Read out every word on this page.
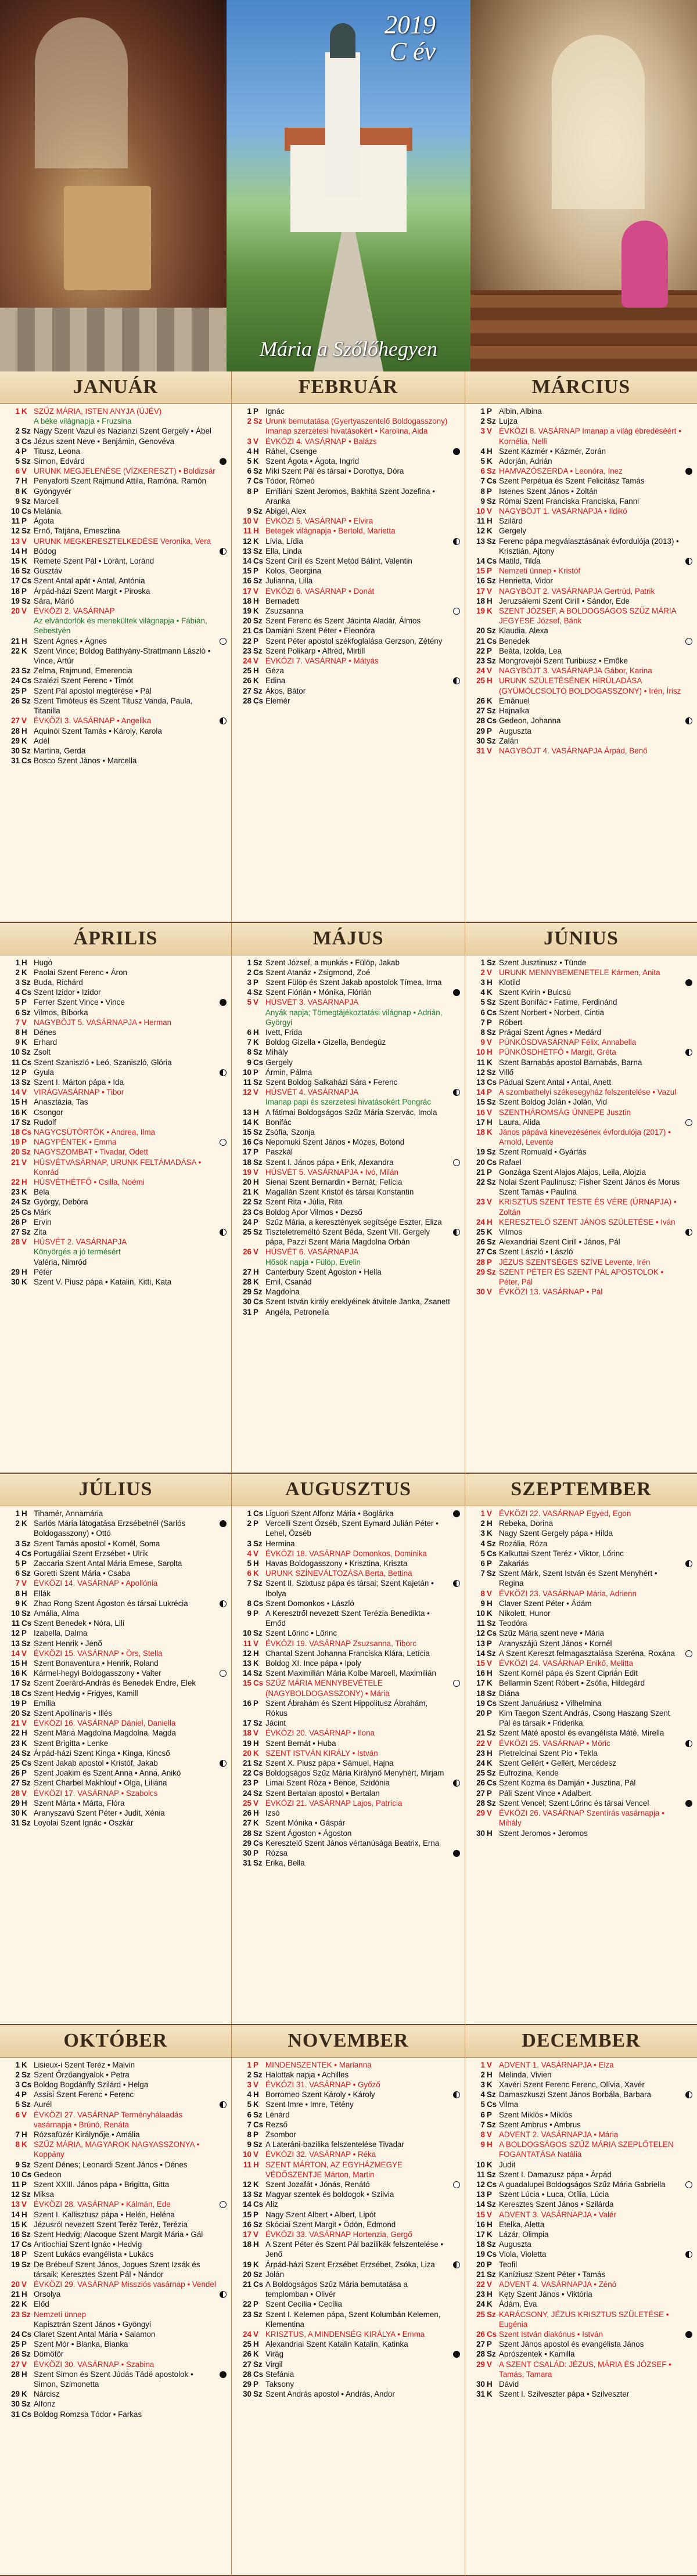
2019
C év
Mária a Szőlőhegyen
JANUÁR
1 K SZŰZ MÁRIA, ISTEN ANYJA (ÚJÉV)
A béke világnapja • Fruzsina
2 Sz Nagy Szent Vazul és Nazianzi Szent Gergely • Ábel
3 Cs Jézus szent Neve • Benjámin, Genovéva
4 P Titusz, Leona
5 Sz Simon, Edvárd
6 V URUNK MEGJELENÉSE (VÍZKERESZT) • Boldizsár
7 H Penyaforti Szent Rajmund Attila, Ramóna, Ramón
8 K Gyöngyvér
9 Sz Marcell
10 Cs Melánia
11 P Ágota
12 Sz Ernő, Tatjána, Emesztina
13 V URUNK MEGKERESZTELKEDÉSE Veronika, Vera
14 H Bódog
15 K Remete Szent Pál • Lóránt, Loránd
16 Sz Gusztáv
17 Cs Szent Antal apát • Antal, Antónia
18 P Árpád-házi Szent Margit • Piroska
19 Sz Sára, Márió
20 V ÉVKÖZI 2. VASÁRNAP
Az elvándorlók és menekültek világnapja • Fábián, Sebestyén
21 H Szent Ágnes • Ágnes
22 K Szent Vince; Boldog Batthyány-Strattmann László • Vince, Artúr
23 Sz Zelma, Rajmund, Emerencia
24 Cs Szalézi Szent Ferenc • Timót
25 P Szent Pál apostol megtérése • Pál
26 Sz Szent Timóteus és Szent Titusz Vanda, Paula, Titanilla
27 V ÉVKÖZI 3. VASÁRNAP • Angelika
28 H Aquinói Szent Tamás • Károly, Karola
29 K Adél
30 Sz Martina, Gerda
31 Cs Bosco Szent János • Marcella
FEBRUÁR
1 P Ignác
2 Sz Urunk bemutatása (Gyertyaszentelő Boldogasszony) Imanap szerzetesi hivatásokért • Karolina, Aida
3 V ÉVKÖZI 4. VASÁRNAP • Balázs
4 H Ráhel, Csenge
5 K Szent Ágota • Ágota, Ingrid
6 Sz Miki Szent Pál és társai • Dorottya, Dóra
7 Cs Tódor, Rómeó
8 P Emiliáni Szent Jeromos, Bakhita Szent Jozefina • Aranka
9 Sz Abigél, Alex
10 V ÉVKÖZI 5. VASÁRNAP • Elvira
11 H Betegek világnapja • Bertold, Marietta
12 K Lívia, Lídia
13 Sz Ella, Linda
14 Cs Szent Cirill és Szent Metód Bálint, Valentin
15 P Kolos, Georgina
16 Sz Julianna, Lilla
17 V ÉVKÖZI 6. VASÁRNAP • Donát
18 H Bernadett
19 K Zsuzsanna
20 Sz Szent Ferenc és Szent Jácinta Aladár, Álmos
21 Cs Damiáni Szent Péter • Eleonóra
22 P Szent Péter apostol székfoglalása Gerzson, Zétény
23 Sz Szent Polikárp • Alfréd, Mirtill
24 V ÉVKÖZI 7. VASÁRNAP • Mátyás
25 H Géza
26 K Edina
27 Sz Ákos, Bátor
28 Cs Elemér
MÁRCIUS
1 P Albin, Albina
2 Sz Lujza
3 V ÉVKÖZI 8. VASÁRNAP Imanap a világ ébredéséért • Kornélia, Nelli
4 H Szent Kázmér • Kázmér, Zorán
5 K Adorján, Adrián
6 Sz HAMVAZÓSZERDA • Leonóra, Inez
7 Cs Szent Perpétua és Szent Felicitász Tamás
8 P Istenes Szent János • Zoltán
9 Sz Római Szent Franciska Franciska, Fanni
10 V NAGYBÖJT 1. VASÁRNAPJA • Ildikó
11 H Szilárd
12 K Gergely
13 Sz Ferenc pápa megválasztásának évfordulója (2013) • Krisztián, Ajtony
14 Cs Matild, Tilda
15 P Nemzeti ünnep • Kristóf
16 Sz Henrietta, Vidor
17 V NAGYBÖJT 2. VASÁRNAPJA Gertrúd, Patrik
18 H Jeruzsálemi Szent Cirill • Sándor, Ede
19 K SZENT JÓZSEF, A BOLDOGSÁGOS SZŰZ MÁRIA JEGYESE József, Bánk
20 Sz Klaudia, Alexa
21 Cs Benedek
22 P Beáta, Izolda, Lea
23 Sz Mongrovejói Szent Turibiusz • Emőke
24 V NAGYBÖJT 3. VASÁRNAPJA Gábor, Karina
25 H URUNK SZÜLETÉSÉNEK HÍRÜLADÁSA (GYÜMÖLCSOLTÓ BOLDOGASSZONY) • Irén, Írisz
26 K Emánuel
27 Sz Hajnalka
28 Cs Gedeon, Johanna
29 P Auguszta
30 Sz Zalán
31 V NAGYBÖJT 4. VASÁRNAPJA Árpád, Benő
ÁPRILIS
1 H Hugó
2 K Paolai Szent Ferenc • Áron
3 Sz Buda, Richárd
4 Cs Szent Izidor • Izidor
5 P Ferrer Szent Vince • Vince
6 Sz Vilmos, Bíborka
7 V NAGYBÖJT 5. VASÁRNAPJA • Herman
8 H Dénes
9 K Erhard
10 Sz Zsolt
11 Cs Szent Szaniszló • Leó, Szaniszló, Glória
12 P Gyula
13 Sz Szent I. Márton pápa • Ida
14 V VIRÁGVASÁRNAP • Tibor
15 H Anasztázia, Tas
16 K Csongor
17 Sz Rudolf
18 Cs NAGYCSÜTÖRTÖK • Andrea, Ilma
19 P NAGYPÉNTEK • Emma
20 Sz NAGYSZOMBAT • Tivadar, Odett
21 V HÚSVÉTVASÁRNAP, URUNK FELTÁMADÁSA • Konrád
22 H HÚSVÉTHÉTFŐ • Csilla, Noémi
23 K Béla
24 Sz György, Debóra
25 Cs Márk
26 P Ervin
27 Sz Zita
28 V HÚSVÉT 2. VASÁRNAPJA
Könyörgés a jó termésért
Valéria, Nimród
29 H Péter
30 K Szent V. Piusz pápa • Katalin, Kitti, Kata
MÁJUS
1 Sz Szent József, a munkás • Fülöp, Jakab
2 Cs Szent Atanáz • Zsigmond, Zoé
3 P Szent Fülöp és Szent Jakab apostolok Tímea, Irma
4 Sz Szent Flórián • Mónika, Flórián
5 V HÚSVÉT 3. VASÁRNAPJA
Anyák napja; Tömegtájékoztatási világnap • Adrián, Györgyi
6 H Ivett, Frida
7 K Boldog Gizella • Gizella, Bendegúz
8 Sz Mihály
9 Cs Gergely
10 P Ármin, Pálma
11 Sz Szent Boldog Salkaházi Sára • Ferenc
12 V HÚSVÉT 4. VASÁRNAPJA
Imanap papi és szerzetesi hivatásokért Pongrác
13 H A fátimai Boldogságos Szűz Mária Szervác, Imola
14 K Bonifác
15 Sz Zsófia, Szonja
16 Cs Nepomuki Szent János • Mózes, Botond
17 P Paszkál
18 Sz Szent I. János pápa • Erik, Alexandra
19 V HÚSVÉT 5. VASÁRNAPJA • Ivó, Milán
20 H Sienai Szent Bernardin • Bernát, Felícia
21 K Magallán Szent Kristóf és társai Konstantin
22 Sz Szent Rita • Júlia, Rita
23 Cs Boldog Apor Vilmos • Dezső
24 P Szűz Mária, a keresztények segítsége Eszter, Eliza
25 Sz Tiszteletreméltó Szent Béda, Szent VII. Gergely pápa, Pazzi Szent Mária Magdolna Orbán
26 V HÚSVÉT 6. VASÁRNAPJA
Hősök napja • Fülöp, Evelin
27 H Canterbury Szent Ágoston • Hella
28 K Emil, Csanád
29 Sz Magdolna
30 Cs Szent István király ereklyéinek átvitele Janka, Zsanett
31 P Angéla, Petronella
JÚNIUS
1 Sz Szent Jusztinusz • Tünde
2 V URUNK MENNYBEMENETELE Kármen, Anita
3 H Klotild
4 K Szent Kvirin • Bulcsú
5 Sz Szent Bonifác • Fatime, Ferdinánd
6 Cs Szent Norbert • Norbert, Cintia
7 P Róbert
8 Sz Prágai Szent Ágnes • Medárd
9 V PÜNKÖSDVASÁRNAP Félix, Annabella
10 H PÜNKÖSDHÉTFŐ • Margit, Gréta
11 K Szent Barnabás apostol Barnabás, Barna
12 Sz Villő
13 Cs Páduai Szent Antal • Antal, Anett
14 P A szombathelyi székesegyház felszentelése • Vazul
15 Sz Szent Boldog Jolán • Jolán, Vid
16 V SZENTHÁROMSÁG ÜNNEPE Jusztin
17 H Laura, Alida
18 K János pápává kinevezésének évfordulója (2017) • Arnold, Levente
19 Sz Szent Romuald • Gyárfás
20 Cs Rafael
21 P Gonzága Szent Alajos Alajos, Leila, Alojzia
22 Sz Nolai Szent Paulinusz; Fisher Szent János és Morus Szent Tamás • Paulina
23 V KRISZTUS SZENT TESTE ÉS VÉRE (ÚRNAPJA) • Zoltán
24 H KERESZTELŐ SZENT JÁNOS SZÜLETÉSE • Iván
25 K Vilmos
26 Sz Alexandriai Szent Cirill • János, Pál
27 Cs Szent László • László
28 P JÉZUS SZENTSÉGES SZÍVE Levente, Irén
29 Sz SZENT PÉTER ÉS SZENT PÁL APOSTOLOK • Péter, Pál
30 V ÉVKÖZI 13. VASÁRNAP • Pál
JÚLIUS
1 H Tihamér, Annamária
2 K Sarlós Mária látogatása Erzsébetnél (Sarlós Boldogasszony) • Ottó
3 Sz Szent Tamás apostol • Kornél, Soma
4 Cs Portugáliai Szent Erzsébet • Ulrik
5 P Zaccaria Szent Antal Mária Emese, Sarolta
6 Sz Goretti Szent Mária • Csaba
7 V ÉVKÖZI 14. VASÁRNAP • Apollónia
8 H Ellák
9 K Zhao Rong Szent Ágoston és társai Lukrécia
10 Sz Amália, Alma
11 Cs Szent Benedek • Nóra, Lili
12 P Izabella, Dalma
13 Sz Szent Henrik • Jenő
14 V ÉVKÖZI 15. VASÁRNAP • Örs, Stella
15 H Szent Bonaventura • Henrik, Roland
16 K Kármel-hegyi Boldogasszony • Valter
17 Sz Szent Zoerárd-András és Benedek Endre, Elek
18 Cs Szent Hedvig • Frigyes, Kamill
19 P Emília
20 Sz Szent Apollinaris • Illés
21 V ÉVKÖZI 16. VASÁRNAP Dániel, Daniella
22 H Szent Mária Magdolna Magdolna, Magda
23 K Szent Brigitta • Lenke
24 Sz Árpád-házi Szent Kinga • Kinga, Kincső
25 Cs Szent Jakab apostol • Kristóf, Jakab
26 P Szent Joakim és Szent Anna • Anna, Anikó
27 Sz Szent Charbel Makhlouf • Olga, Liliána
28 V ÉVKÖZI 17. VASÁRNAP • Szabolcs
29 H Szent Márta • Márta, Flóra
30 K Aranyszavú Szent Péter • Judit, Xénia
31 Sz Loyolai Szent Ignác • Oszkár
AUGUSZTUS
1 Cs Liguori Szent Alfonz Mária • Boglárka
2 P Vercelli Szent Özséb, Szent Eymard Julián Péter • Lehel, Özséb
3 Sz Hermina
4 V ÉVKÖZI 18. VASÁRNAP Domonkos, Dominika
5 H Havas Boldogasszony • Krisztina, Kriszta
6 K URUNK SZÍNEVÁLTOZÁSA Berta, Bettina
7 Sz Szent II. Szixtusz pápa és társai; Szent Kajetán • Ibolya
8 Cs Szent Domonkos • László
9 P A Keresztről nevezett Szent Terézia Benedikta • Emőd
10 Sz Szent Lőrinc • Lőrinc
11 V ÉVKÖZI 19. VASÁRNAP Zsuzsanna, Tiborc
12 H Chantal Szent Johanna Franciska Klára, Letícia
13 K Boldog XI. Ince pápa • Ipoly
14 Sz Szent Maximilián Mária Kolbe Marcell, Maximilián
15 Cs SZŰZ MÁRIA MENNYBEVÉTELE (NAGYBOLDOGASSZONY) • Mária
16 P Szent Ábrahám és Szent Hippolitusz Ábrahám, Rókus
17 Sz Jácint
18 V ÉVKÖZI 20. VASÁRNAP • Ilona
19 H Szent Bernát • Huba
20 K SZENT ISTVÁN KIRÁLY • István
21 Sz Szent X. Piusz pápa • Sámuel, Hajna
22 Cs Boldogságos Szűz Mária Királynő Menyhért, Mirjam
23 P Limai Szent Róza • Bence, Szidónia
24 Sz Szent Bertalan apostol • Bertalan
25 V ÉVKÖZI 21. VASÁRNAP Lajos, Patrícia
26 H Izsó
27 K Szent Mónika • Gáspár
28 Sz Szent Ágoston • Ágoston
29 Cs Keresztelő Szent János vértanúsága Beatrix, Erna
30 P Rózsa
31 Sz Erika, Bella
SZEPTEMBER
1 V ÉVKÖZI 22. VASÁRNAP Egyed, Egon
2 H Rebeka, Dorina
3 K Nagy Szent Gergely pápa • Hilda
4 Sz Rozália, Róza
5 Cs Kalkuttai Szent Teréz • Viktor, Lőrinc
6 P Zakariás
7 Sz Szent Márk, Szent István és Szent Menyhért • Regina
8 V ÉVKÖZI 23. VASÁRNAP Mária, Adrienn
9 H Claver Szent Péter • Ádám
10 K Nikolett, Hunor
11 Sz Teodóra
12 Cs Szűz Mária szent neve • Mária
13 P Aranyszájú Szent János • Kornél
14 Sz A Szent Kereszt felmagasztalása Szeréna, Roxána
15 V ÉVKÖZI 24. VASÁRNAP Enikő, Melitta
16 H Szent Kornél pápa és Szent Ciprián Edit
17 K Bellarmin Szent Róbert • Zsófia, Hildegárd
18 Sz Diána
19 Cs Szent Januáriusz • Vilhelmina
20 P Kim Taegon Szent András, Csong Haszang Szent Pál és társaik • Friderika
21 Sz Szent Máté apostol és evangélista Máté, Mirella
22 V ÉVKÖZI 25. VASÁRNAP • Móric
23 H Pietrelcinai Szent Pio • Tekla
24 K Szent Gellért • Gellért, Mercédesz
25 Sz Eufrozina, Kende
26 Cs Szent Kozma és Damján • Jusztina, Pál
27 P Páli Szent Vince • Adalbert
28 Sz Szent Vencel; Szent Lőrinc és társai Vencel
29 V ÉVKÖZI 26. VASÁRNAP Szentírás vasárnapja • Mihály
30 H Szent Jeromos • Jeromos
OKTÓBER
1 K Lisieux-i Szent Teréz • Malvin
2 Sz Szent Őrzőangyalok • Petra
3 Cs Boldog Bogdánffy Szilárd • Helga
4 P Assisi Szent Ferenc • Ferenc
5 Sz Aurél
6 V ÉVKÖZI 27. VASÁRNAP Terményhálaadás vasárnapja • Brúnó, Renáta
7 H Rózsafüzér Királynője • Amália
8 K SZŰZ MÁRIA, MAGYAROK NAGYASSZONYA • Koppány
9 Sz Szent Dénes; Leonardi Szent János • Dénes
10 Cs Gedeon
11 P Szent XXIII. János pápa • Brigitta, Gitta
12 Sz Miksa
13 V ÉVKÖZI 28. VASÁRNAP • Kálmán, Ede
14 H Szent I. Kallisztusz pápa • Helén, Heléna
15 K Jézusról nevezett Szent Teréz Teréz, Terézia
16 Sz Szent Hedvig; Alacoque Szent Margit Mária • Gál
17 Cs Antiochiai Szent Ignác • Hedvig
18 P Szent Lukács evangélista • Lukács
19 Sz De Brébeuf Szent János, Jogues Szent Izsák és társaik; Keresztes Szent Pál • Nándor
20 V ÉVKÖZI 29. VASÁRNAP Missziós vasárnap • Vendel
21 H Orsolya
22 K Előd
23 Sz Nemzeti ünnep
Kapisztrán Szent János • Gyöngyi
24 Cs Claret Szent Antal Mária • Salamon
25 P Szent Mór • Blanka, Bianka
26 Sz Dömötör
27 V ÉVKÖZI 30. VASÁRNAP • Szabina
28 H Szent Simon és Szent Júdás Tádé apostolok • Simon, Szimonetta
29 K Nárcisz
30 Sz Alfonz
31 Cs Boldog Romzsa Tódor • Farkas
NOVEMBER
1 P MINDENSZENTEK • Marianna
2 Sz Halottak napja • Achilles
3 V ÉVKÖZI 31. VASÁRNAP • Győző
4 H Borromeo Szent Károly • Károly
5 K Szent Imre • Imre, Tétény
6 Sz Lénárd
7 Cs Rezső
8 P Zsombor
9 Sz A Lateráni-bazilika felszentelése Tivadar
10 V ÉVKÖZI 32. VASÁRNAP • Réka
11 H SZENT MÁRTON, AZ EGYHÁZMEGYE VÉDŐSZENTJE Márton, Martin
12 K Szent Jozafát • Jónás, Renátó
13 Sz Magyar szentek és boldogok • Szilvia
14 Cs Aliz
15 P Nagy Szent Albert • Albert, Lipót
16 Sz Skóciai Szent Margit • Ödön, Edmond
17 V ÉVKÖZI 33. VASÁRNAP Hortenzia, Gergő
18 H A Szent Péter és Szent Pál bazilikák felszentelése • Jenő
19 K Árpád-házi Szent Erzsébet Erzsébet, Zsóka, Liza
20 Sz Jolán
21 Cs A Boldogságos Szűz Mária bemutatása a templomban • Olivér
22 P Szent Cecília • Cecília
23 Sz Szent I. Kelemen pápa, Szent Kolumbán Kelemen, Klementina
24 V KRISZTUS, A MINDENSÉG KIRÁLYA • Emma
25 H Alexandriai Szent Katalin Katalin, Katinka
26 K Virág
27 Sz Virgil
28 Cs Stefánia
29 P Taksony
30 Sz Szent András apostol • András, Andor
DECEMBER
1 V ADVENT 1. VASÁRNAPJA • Elza
2 H Melinda, Vivien
3 K Xavéri Szent Ferenc Ferenc, Olívia, Xavér
4 Sz Damaszkuszi Szent János Borbála, Barbara
5 Cs Vilma
6 P Szent Miklós • Miklós
7 Sz Szent Ambrus • Ambrus
8 V ADVENT 2. VASÁRNAPJA • Mária
9 H A BOLDOGSÁGOS SZŰZ MÁRIA SZEPLŐTELEN FOGANTATÁSA Natália
10 K Judit
11 Sz Szent I. Damazusz pápa • Árpád
12 Cs A guadalupei Boldogságos Szűz Mária Gabriella
13 P Szent Lúcia • Luca, Otília, Lúcia
14 Sz Keresztes Szent János • Szilárda
15 V ADVENT 3. VASÁRNAPJA • Valér
16 H Etelka, Aletta
17 K Lázár, Olimpia
18 Sz Auguszta
19 Cs Viola, Violetta
20 P Teofil
21 Sz Kaníziusz Szent Péter • Tamás
22 V ADVENT 4. VASÁRNAPJA • Zénó
23 H Kęty Szent János • Viktória
24 K Ádám, Éva
25 Sz KARÁCSONY, JÉZUS KRISZTUS SZÜLETÉSE • Eugénia
26 Cs Szent István diakónus • István
27 P Szent János apostol és evangélista János
28 Sz Aprószentek • Kamilla
29 V A SZENT CSALÁD: JÉZUS, MÁRIA ÉS JÓZSEF • Tamás, Tamara
30 H Dávid
31 K Szent I. Szilveszter pápa • Szilveszter
